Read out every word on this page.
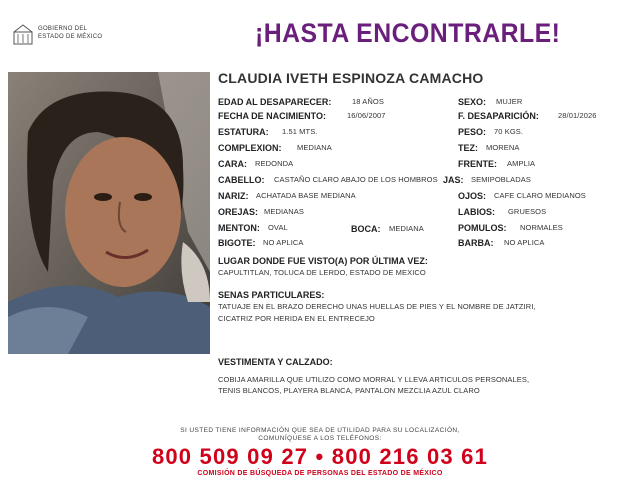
GOBIERNO DEL
ESTADO DE MÉXICO	¡HASTA ENCONTRARLE!
CLAUDIA IVETH ESPINOZA CAMACHO
EDAD AL DESAPARECER:	18 AÑOS	SEXO: MUJER
FECHA DE NACIMIENTO:	16/06/2007	F. DESAPARICIÓN:	28/01/2026
ESTATURA: 1.51 MTS.	PESO: 70 KGS.
COMPLEXION: MEDIANA	TEZ: MORENA
CARA: REDONDA	FRENTE: AMPLIA
CABELLO: CASTAÑO CLARO ABAJO DE LOS HOMBROS JAS: SEMIPOBLADAS
NARIZ: ACHATADA BASE MEDIANA	OJOS: CAFE CLARO MEDIANOS
OREJAS: MEDIANAS	LABIOS: GRUESOS
MENTON: OVAL	BOCA: MEDIANA	POMULOS: NORMALES
BIGOTE: NO APLICA	BARBA: NO APLICA
LUGAR DONDE FUE VISTO(A) POR ÚLTIMA VEZ:
CAPULTITLAN, TOLUCA DE LERDO, ESTADO DE MEXICO
SENAS PARTICULARES:
TATUAJE EN EL BRAZO DERECHO UNAS HUELLAS DE PIES Y EL NOMBRE DE JATZIRI,
CICATRIZ POR HERIDA EN EL ENTRECEJO
VESTIMENTA Y CALZADO:
COBIJA AMARILLA QUE UTILIZO COMO MORRAL Y LLEVA ARTICULOS PERSONALES,
TENIS BLANCOS, PLAYERA BLANCA, PANTALON MEZCLIA AZUL CLARO
SI USTED TIENE INFORMACIÓN QUE SEA DE UTILIDAD PARA SU LOCALIZACIÓN,
COMUNÍQUESE A LOS TELÉFONOS:
800 509 09 27 • 800 216 03 61
COMISIÓN DE BÚSQUEDA DE PERSONAS DEL ESTADO DE MÉXICO
